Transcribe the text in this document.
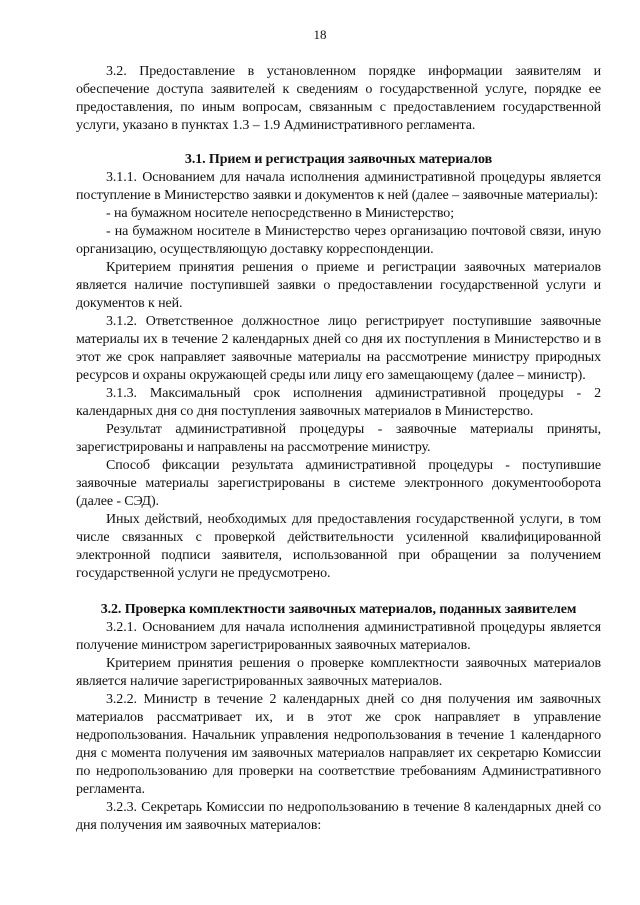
18

3.2. Предоставление в установленном порядке информации заявителям и обеспечение доступа заявителей к сведениям о государственной услуге, порядке ее предоставления, по иным вопросам, связанным с предоставлением государственной услуги, указано в пунктах 1.3 – 1.9 Административного регламента.

3.1. Прием и регистрация заявочных материалов

3.1.1. Основанием для начала исполнения административной процедуры является поступление в Министерство заявки и документов к ней (далее – заявочные материалы):

- на бумажном носителе непосредственно в Министерство;

- на бумажном носителе в Министерство через организацию почтовой связи, иную организацию, осуществляющую доставку корреспонденции.

Критерием принятия решения о приеме и регистрации заявочных материалов является наличие поступившей заявки о предоставлении государственной услуги и документов к ней.

3.1.2. Ответственное должностное лицо регистрирует поступившие заявочные материалы их в течение 2 календарных дней со дня их поступления в Министерство и в этот же срок направляет заявочные материалы на рассмотрение министру природных ресурсов и охраны окружающей среды или лицу его замещающему (далее – министр).

3.1.3. Максимальный срок исполнения административной процедуры - 2 календарных дня со дня поступления заявочных материалов в Министерство.

Результат административной процедуры - заявочные материалы приняты, зарегистрированы и направлены на рассмотрение министру.

Способ фиксации результата административной процедуры - поступившие заявочные материалы зарегистрированы в системе электронного документооборота (далее - СЭД).

Иных действий, необходимых для предоставления государственной услуги, в том числе связанных с проверкой действительности усиленной квалифицированной электронной подписи заявителя, использованной при обращении за получением государственной услуги не предусмотрено.

3.2. Проверка комплектности заявочных материалов, поданных заявителем

3.2.1. Основанием для начала исполнения административной процедуры является получение министром зарегистрированных заявочных материалов.

Критерием принятия решения о проверке комплектности заявочных материалов является наличие зарегистрированных заявочных материалов.

3.2.2. Министр в течение 2 календарных дней со дня получения им заявочных материалов рассматривает их, и в этот же срок направляет в управление недропользования. Начальник управления недропользования в течение 1 календарного дня с момента получения им заявочных материалов направляет их секретарю Комиссии по недропользованию для проверки на соответствие требованиям Административного регламента.

3.2.3. Секретарь Комиссии по недропользованию в течение 8 календарных дней со дня получения им заявочных материалов:
